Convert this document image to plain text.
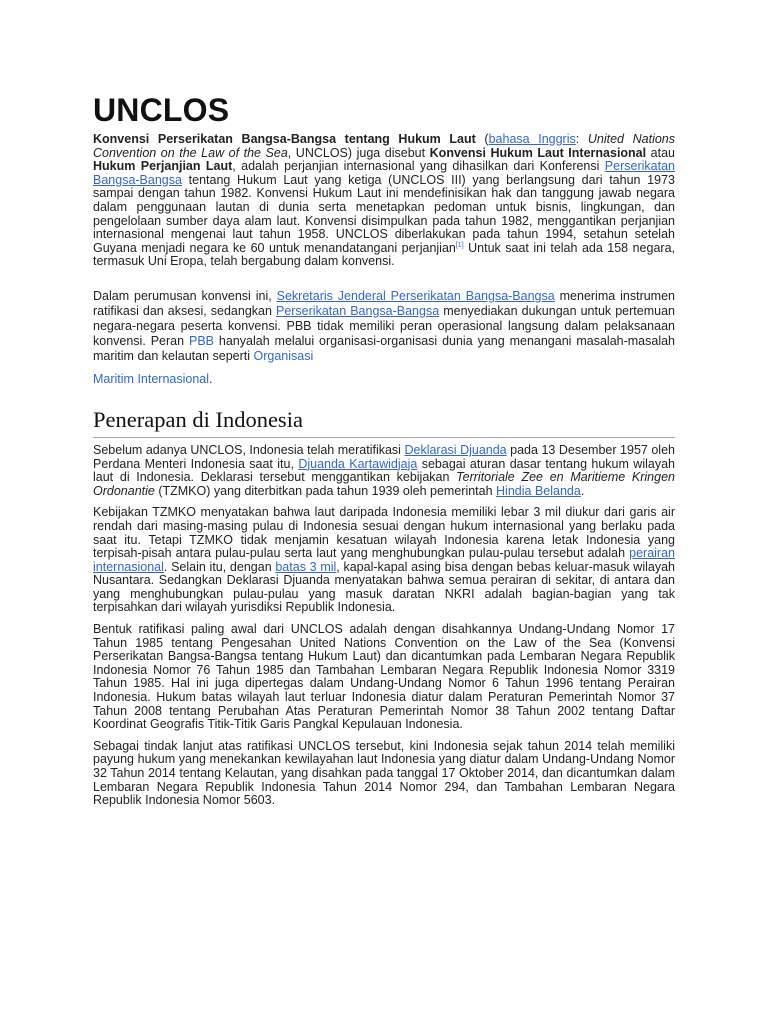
UNCLOS

Konvensi Perserikatan Bangsa-Bangsa tentang Hukum Laut (bahasa Inggris: United Nations Convention on the Law of the Sea, UNCLOS) juga disebut Konvensi Hukum Laut Internasional atau Hukum Perjanjian Laut, adalah perjanjian internasional yang dihasilkan dari Konferensi Perserikatan Bangsa-Bangsa tentang Hukum Laut yang ketiga (UNCLOS III) yang berlangsung dari tahun 1973 sampai dengan tahun 1982. Konvensi Hukum Laut ini mendefinisikan hak dan tanggung jawab negara dalam penggunaan lautan di dunia serta menetapkan pedoman untuk bisnis, lingkungan, dan pengelolaan sumber daya alam laut. Konvensi disimpulkan pada tahun 1982, menggantikan perjanjian internasional mengenai laut tahun 1958. UNCLOS diberlakukan pada tahun 1994, setahun setelah Guyana menjadi negara ke 60 untuk menandatangani perjanjian[1] Untuk saat ini telah ada 158 negara, termasuk Uni Eropa, telah bergabung dalam konvensi.

Dalam perumusan konvensi ini, Sekretaris Jenderal Perserikatan Bangsa-Bangsa menerima instrumen ratifikasi dan aksesi, sedangkan Perserikatan Bangsa-Bangsa menyediakan dukungan untuk pertemuan negara-negara peserta konvensi. PBB tidak memiliki peran operasional langsung dalam pelaksanaan konvensi. Peran PBB hanyalah melalui organisasi-organisasi dunia yang menangani masalah-masalah maritim dan kelautan seperti Organisasi
Maritim Internasional.

Penerapan di Indonesia

Sebelum adanya UNCLOS, Indonesia telah meratifikasi Deklarasi Djuanda pada 13 Desember 1957 oleh Perdana Menteri Indonesia saat itu, Djuanda Kartawidjaja sebagai aturan dasar tentang hukum wilayah laut di Indonesia. Deklarasi tersebut menggantikan kebijakan Territoriale Zee en Maritieme Kringen Ordonantie (TZMKO) yang diterbitkan pada tahun 1939 oleh pemerintah Hindia Belanda.

Kebijakan TZMKO menyatakan bahwa laut daripada Indonesia memiliki lebar 3 mil diukur dari garis air rendah dari masing-masing pulau di Indonesia sesuai dengan hukum internasional yang berlaku pada saat itu. Tetapi TZMKO tidak menjamin kesatuan wilayah Indonesia karena letak Indonesia yang terpisah-pisah antara pulau-pulau serta laut yang menghubungkan pulau-pulau tersebut adalah perairan internasional. Selain itu, dengan batas 3 mil, kapal-kapal asing bisa dengan bebas keluar-masuk wilayah Nusantara. Sedangkan Deklarasi Djuanda menyatakan bahwa semua perairan di sekitar, di antara dan yang menghubungkan pulau-pulau yang masuk daratan NKRI adalah bagian-bagian yang tak terpisahkan dari wilayah yurisdiksi Republik Indonesia.

Bentuk ratifikasi paling awal dari UNCLOS adalah dengan disahkannya Undang-Undang Nomor 17 Tahun 1985 tentang Pengesahan United Nations Convention on the Law of the Sea (Konvensi Perserikatan Bangsa-Bangsa tentang Hukum Laut) dan dicantumkan pada Lembaran Negara Republik Indonesia Nomor 76 Tahun 1985 dan Tambahan Lembaran Negara Republik Indonesia Nomor 3319 Tahun 1985. Hal ini juga dipertegas dalam Undang-Undang Nomor 6 Tahun 1996 tentang Perairan Indonesia. Hukum batas wilayah laut terluar Indonesia diatur dalam Peraturan Pemerintah Nomor 37 Tahun 2008 tentang Perubahan Atas Peraturan Pemerintah Nomor 38 Tahun 2002 tentang Daftar Koordinat Geografis Titik-Titik Garis Pangkal Kepulauan Indonesia.

Sebagai tindak lanjut atas ratifikasi UNCLOS tersebut, kini Indonesia sejak tahun 2014 telah memiliki payung hukum yang menekankan kewilayahan laut Indonesia yang diatur dalam Undang-Undang Nomor 32 Tahun 2014 tentang Kelautan, yang disahkan pada tanggal 17 Oktober 2014, dan dicantumkan dalam Lembaran Negara Republik Indonesia Tahun 2014 Nomor 294, dan Tambahan Lembaran Negara Republik Indonesia Nomor 5603.
